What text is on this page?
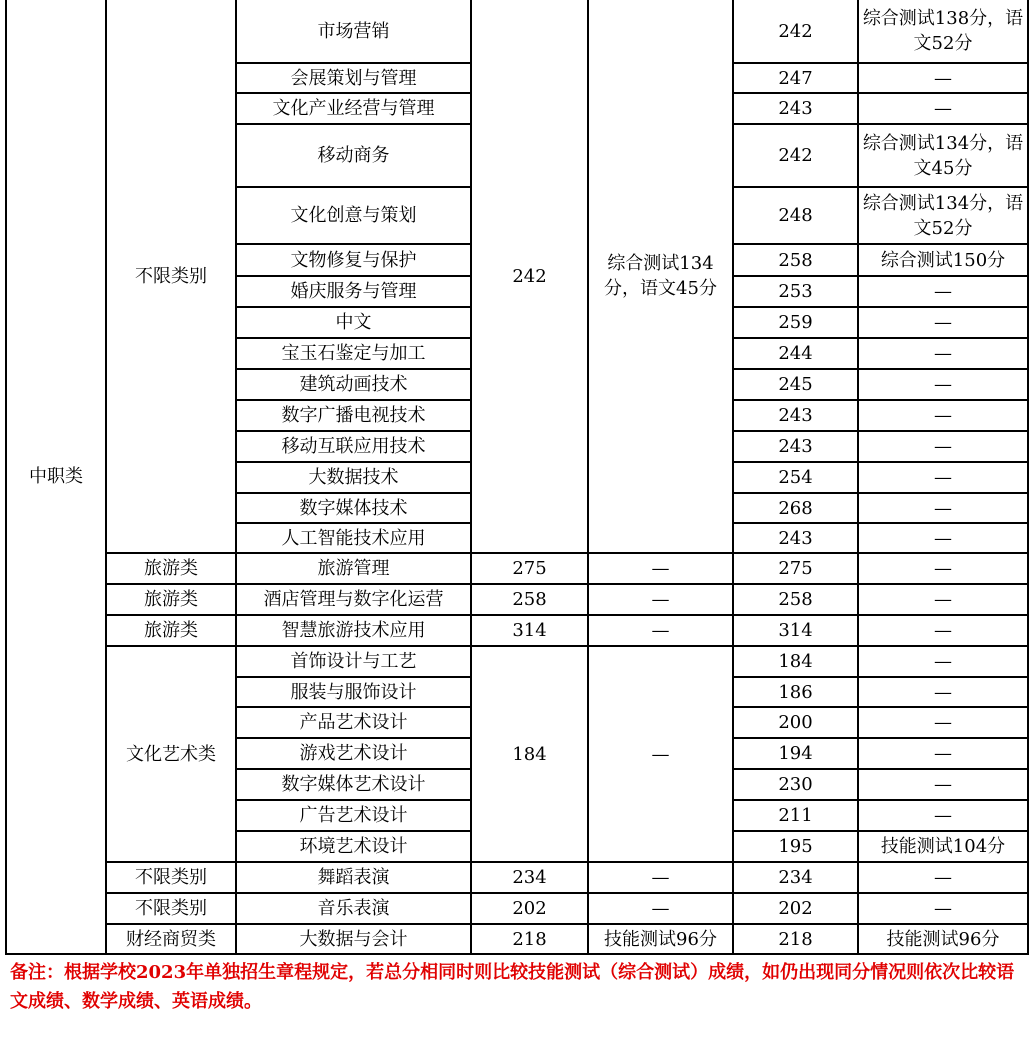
中职类	不限类别	市场营销	242	综合测试134分，语文45分	242	综合测试138分，语文52分
		会展策划与管理			247	—
		文化产业经营与管理			243	—
		移动商务			242	综合测试134分，语文45分
		文化创意与策划			248	综合测试134分，语文52分
		文物修复与保护			258	综合测试150分
		婚庆服务与管理			253	—
		中文			259	—
		宝玉石鉴定与加工			244	—
		建筑动画技术			245	—
		数字广播电视技术			243	—
		移动互联应用技术			243	—
		大数据技术			254	—
		数字媒体技术			268	—
		人工智能技术应用			243	—
	旅游类	旅游管理	275	—	275	—
	旅游类	酒店管理与数字化运营	258	—	258	—
	旅游类	智慧旅游技术应用	314	—	314	—
	文化艺术类	首饰设计与工艺	184	—	184	—
		服装与服饰设计			186	—
		产品艺术设计			200	—
		游戏艺术设计			194	—
		数字媒体艺术设计			230	—
		广告艺术设计			211	—
		环境艺术设计			195	技能测试104分
	不限类别	舞蹈表演	234	—	234	—
	不限类别	音乐表演	202	—	202	—
	财经商贸类	大数据与会计	218	技能测试96分	218	技能测试96分
备注：根据学校2023年单独招生章程规定，若总分相同时则比较技能测试（综合测试）成绩，如仍出现同分情况则依次比较语文成绩、数学成绩、英语成绩。
